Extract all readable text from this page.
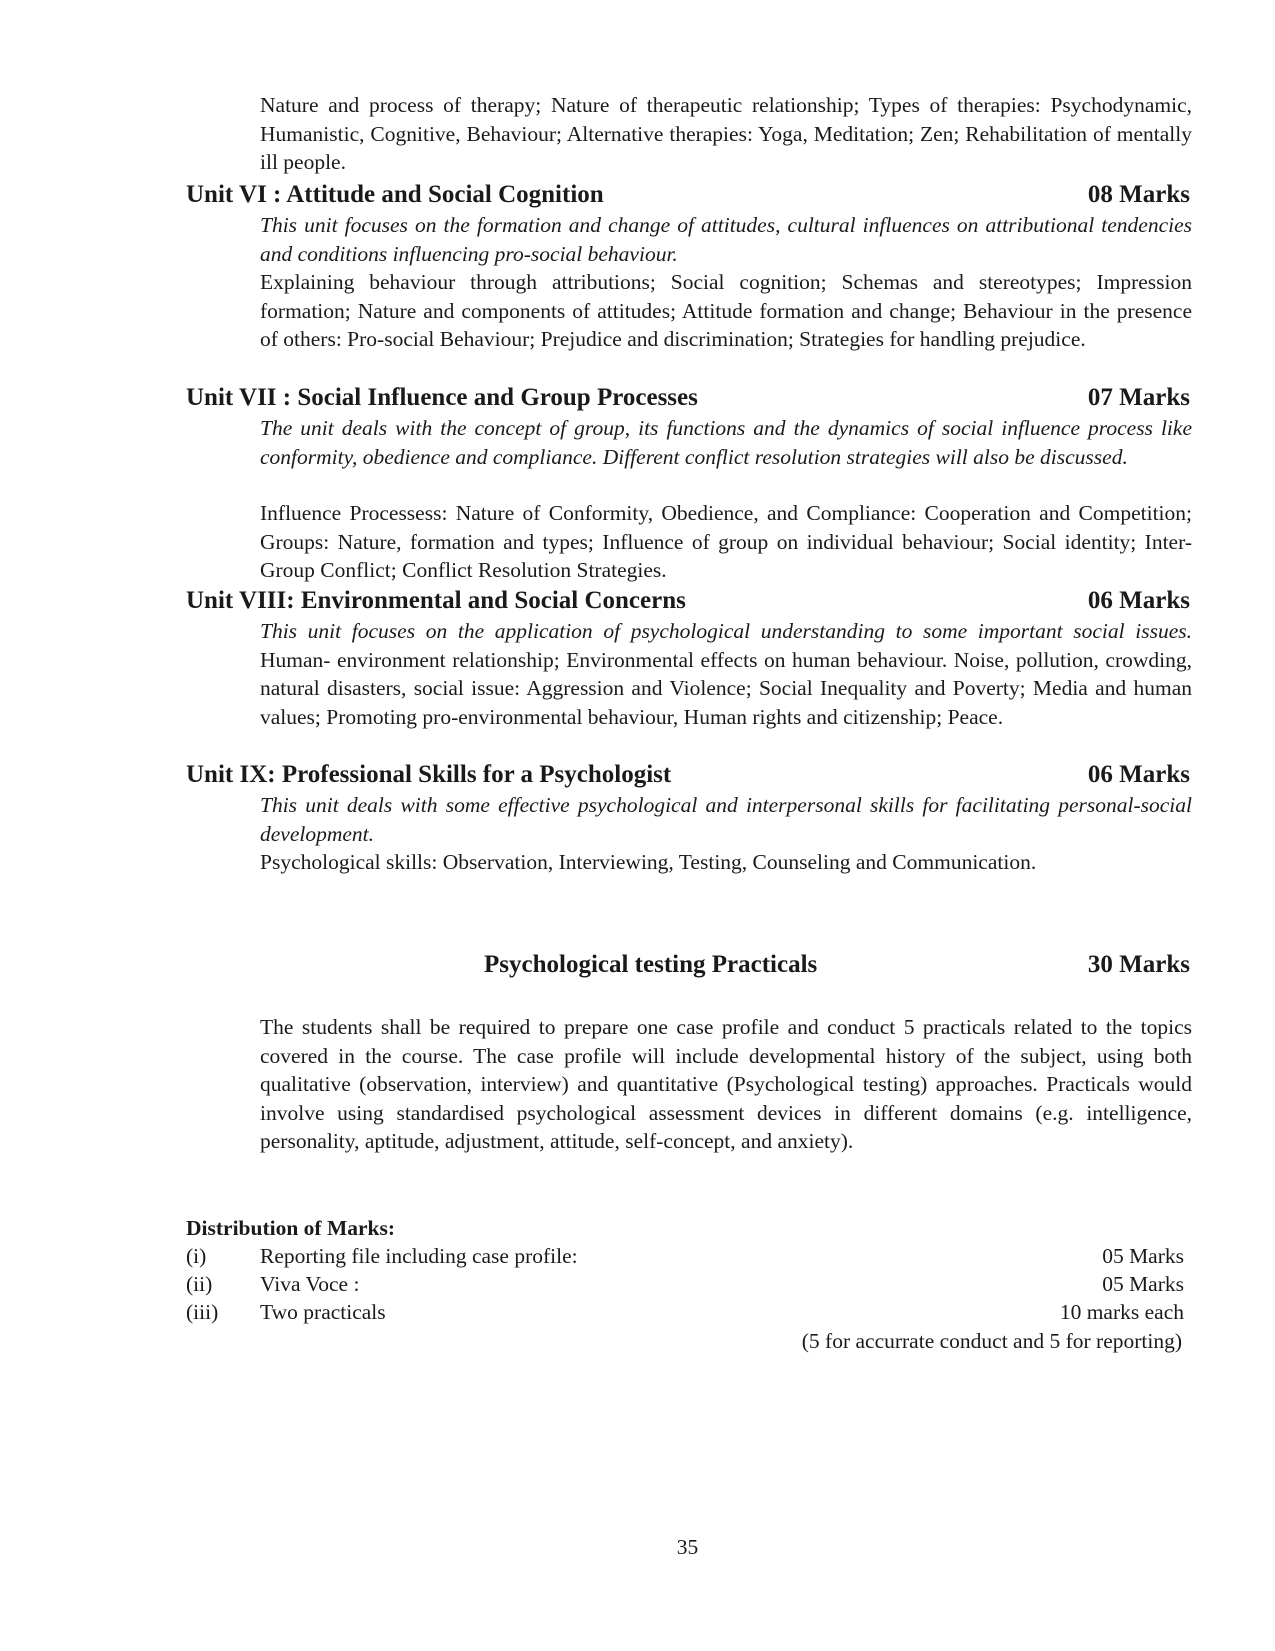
Nature and process of therapy; Nature of therapeutic relationship; Types of therapies: Psychodynamic, Humanistic, Cognitive, Behaviour; Alternative therapies: Yoga, Meditation; Zen; Rehabilitation of mentally ill people.

Unit VI : Attitude and Social Cognition	08 Marks

This unit focuses on the formation and change of attitudes, cultural influences on attributional tendencies and conditions influencing pro-social behaviour.

Explaining behaviour through attributions; Social cognition; Schemas and stereotypes; Impression formation; Nature and components of attitudes; Attitude formation and change; Behaviour in the presence of others: Pro-social Behaviour; Prejudice and discrimination; Strategies for handling prejudice.

Unit VII : Social Influence and Group Processes	07 Marks

The unit deals with the concept of group, its functions and the dynamics of social influence process like conformity, obedience and compliance. Different conflict resolution strategies will also be discussed.

Influence Processess: Nature of Conformity, Obedience, and Compliance: Cooperation and Competition; Groups: Nature, formation and types; Influence of group on individual behaviour; Social identity; Inter-Group Conflict; Conflict Resolution Strategies.

Unit VIII: Environmental and Social Concerns	06 Marks

This unit focuses on the application of psychological understanding to some important social issues. Human- environment relationship; Environmental effects on human behaviour. Noise, pollution, crowding, natural disasters, social issue: Aggression and Violence; Social Inequality and Poverty; Media and human values; Promoting pro-environmental behaviour, Human rights and citizenship; Peace.

Unit IX: Professional Skills for a Psychologist	06 Marks

This unit deals with some effective psychological and interpersonal skills for facilitating personal-social development.

Psychological skills: Observation, Interviewing, Testing, Counseling and Communication.

Psychological testing Practicals	30 Marks

The students shall be required to prepare one case profile and conduct 5 practicals related to the topics covered in the course. The case profile will include developmental history of the subject, using both qualitative (observation, interview) and quantitative (Psychological testing) approaches. Practicals would involve using standardised psychological assessment devices in different domains (e.g. intelligence, personality, aptitude, adjustment, attitude, self-concept, and anxiety).

Distribution of Marks:
(i) Reporting file including case profile:	05 Marks
(ii) Viva Voce :	05 Marks
(iii) Two practicals	10 marks each
(5 for accurrate conduct and 5 for reporting)
35
